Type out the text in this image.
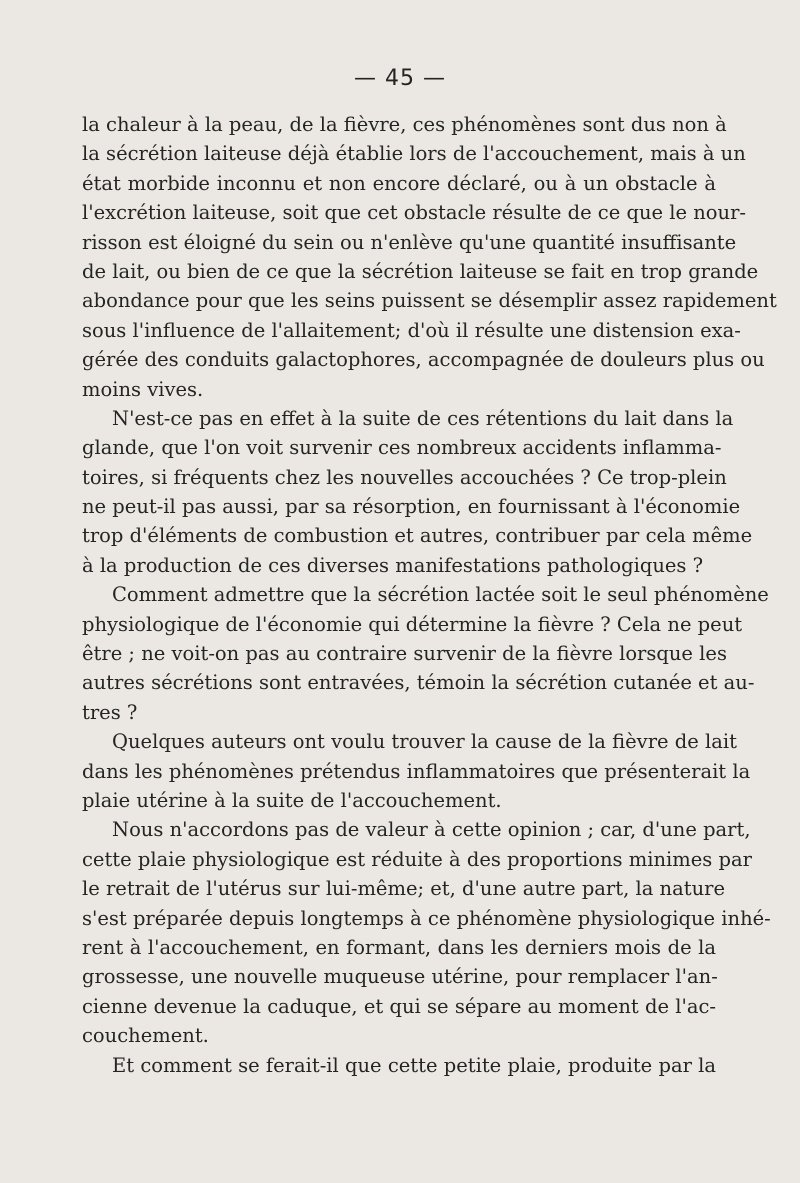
— 45 —
la chaleur à la peau, de la fièvre, ces phénomènes sont dus non à
la sécrétion laiteuse déjà établie lors de l'accouchement, mais à un
état morbide inconnu et non encore déclaré, ou à un obstacle à
l'excrétion laiteuse, soit que cet obstacle résulte de ce que le nour-
risson est éloigné du sein ou n'enlève qu'une quantité insuffisante
de lait, ou bien de ce que la sécrétion laiteuse se fait en trop grande
abondance pour que les seins puissent se désemplir assez rapidement
sous l'influence de l'allaitement; d'où il résulte une distension exa-
gérée des conduits galactophores, accompagnée de douleurs plus ou
moins vives.
N'est-ce pas en effet à la suite de ces rétentions du lait dans la
glande, que l'on voit survenir ces nombreux accidents inflamma-
toires, si fréquents chez les nouvelles accouchées ? Ce trop-plein
ne peut-il pas aussi, par sa résorption, en fournissant à l'économie
trop d'éléments de combustion et autres, contribuer par cela même
à la production de ces diverses manifestations pathologiques ?
Comment admettre que la sécrétion lactée soit le seul phénomène
physiologique de l'économie qui détermine la fièvre ? Cela ne peut
être ; ne voit-on pas au contraire survenir de la fièvre lorsque les
autres sécrétions sont entravées, témoin la sécrétion cutanée et au-
tres ?
Quelques auteurs ont voulu trouver la cause de la fièvre de lait
dans les phénomènes prétendus inflammatoires que présenterait la
plaie utérine à la suite de l'accouchement.
Nous n'accordons pas de valeur à cette opinion ; car, d'une part,
cette plaie physiologique est réduite à des proportions minimes par
le retrait de l'utérus sur lui-même; et, d'une autre part, la nature
s'est préparée depuis longtemps à ce phénomène physiologique inhé-
rent à l'accouchement, en formant, dans les derniers mois de la
grossesse, une nouvelle muqueuse utérine, pour remplacer l'an-
cienne devenue la caduque, et qui se sépare au moment de l'ac-
couchement.
Et comment se ferait-il que cette petite plaie, produite par la
